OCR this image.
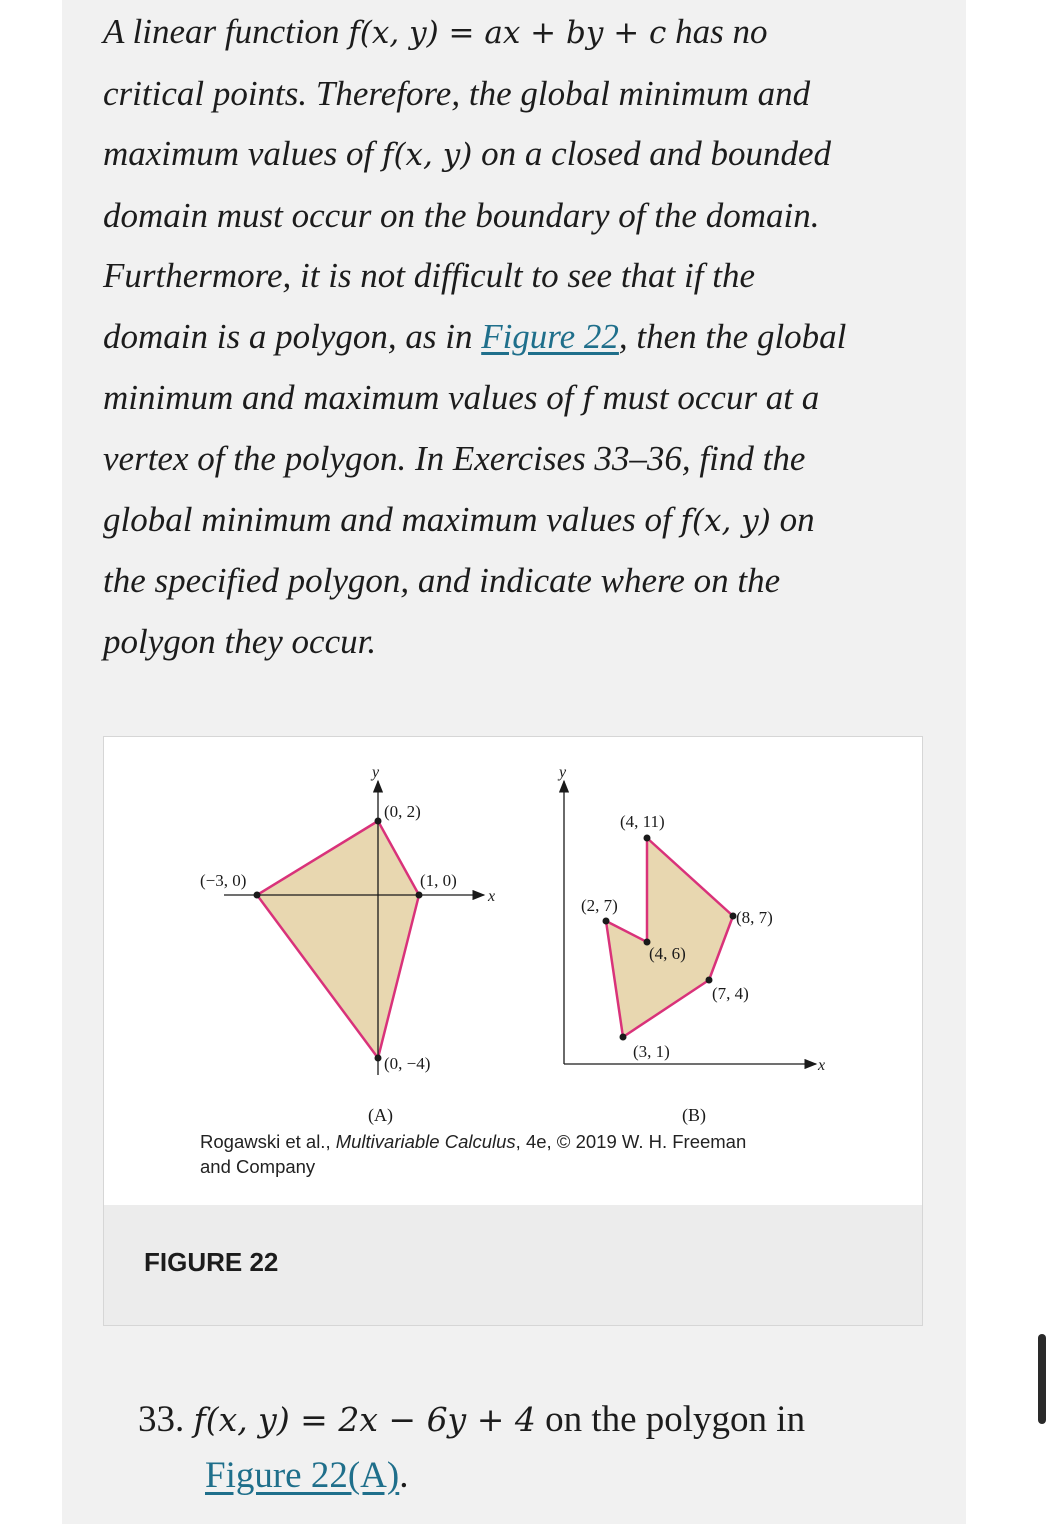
A linear function f(x, y) = ax + by + c has no
critical points. Therefore, the global minimum and
maximum values of f(x, y) on a closed and bounded
domain must occur on the boundary of the domain.
Furthermore, it is not difficult to see that if the
domain is a polygon, as in Figure 22, then the global
minimum and maximum values of f must occur at a
vertex of the polygon. In Exercises 33–36, find the
global minimum and maximum values of f(x, y) on
the specified polygon, and indicate where on the
polygon they occur.
y
x
(0, 2)
(1, 0)
(0, −4)
(−3, 0)
(A)
y
x
(4, 11)
(8, 7)
(7, 4)
(3, 1)
(2, 7)
(4, 6)
(B)
Rogawski et al., Multivariable Calculus, 4e, © 2019 W. H. Freeman
and Company
FIGURE 22
33. f(x, y) = 2x − 6y + 4 on the polygon in
Figure 22(A).
